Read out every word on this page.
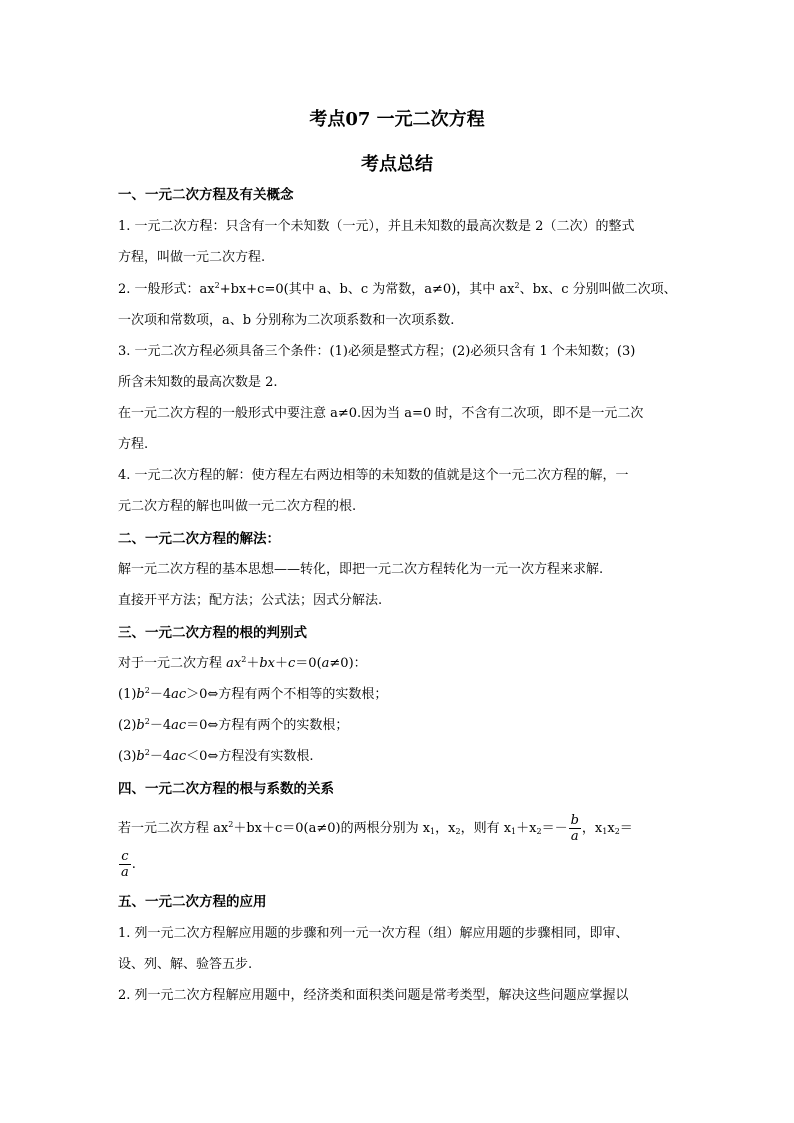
考点07 一元二次方程
考点总结
一、一元二次方程及有关概念
1. 一元二次方程：只含有一个未知数（一元），并且未知数的最高次数是 2（二次）的整式
方程，叫做一元二次方程.
2. 一般形式：$ax^2+bx+c=0$(其中 a、b、c 为常数，a≠0)，其中 $ax^2$、bx、c 分别叫做二次项、
一次项和常数项，a、b 分别称为二次项系数和一次项系数.
3. 一元二次方程必须具备三个条件：(1)必须是整式方程；(2)必须只含有 1 个未知数；(3)
所含未知数的最高次数是 2.
在一元二次方程的一般形式中要注意 a≠0.因为当 a=0 时，不含有二次项，即不是一元二次
方程.
4. 一元二次方程的解：使方程左右两边相等的未知数的值就是这个一元二次方程的解，一
元二次方程的解也叫做一元二次方程的根.
二、一元二次方程的解法：
解一元二次方程的基本思想——转化，即把一元二次方程转化为一元一次方程来求解.
直接开平方法；配方法；公式法；因式分解法.
三、一元二次方程的根的判别式
对于一元二次方程 $ax^2+bx+c=0(a\ne 0)$：
$(1)b^2-4ac>0\Leftrightarrow$方程有两个不相等的实数根；
$(2)b^2-4ac=0\Leftrightarrow$方程有两个的实数根；
$(3)b^2-4ac<0\Leftrightarrow$方程没有实数根.
四、一元二次方程的根与系数的关系
若一元二次方程 $ax^2+bx+c=0(a\ne 0)$的两根分别为 $x_1$，$x_2$，则有 $x_1+x_2=- \frac{b}{a}$ ，$x_1x_2=$
$\frac{c}{a}$ .
五、一元二次方程的应用
1. 列一元二次方程解应用题的步骤和列一元一次方程（组）解应用题的步骤相同，即审、
设、列、解、验答五步.
2. 列一元二次方程解应用题中，经济类和面积类问题是常考类型，解决这些问题应掌握以
